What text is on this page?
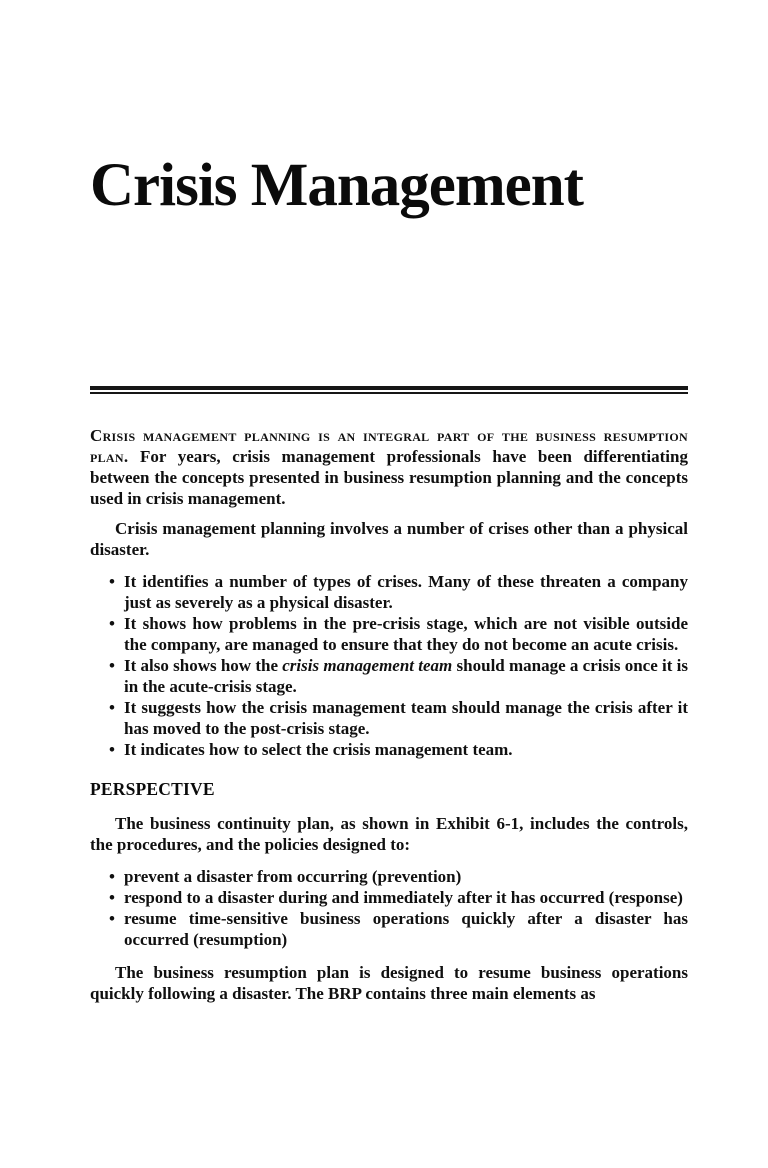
Crisis Management

Crisis management planning is an integral part of the business resumption plan. For years, crisis management professionals have been differentiating between the concepts presented in business resumption planning and the concepts used in crisis management.

Crisis management planning involves a number of crises other than a physical disaster.

• It identifies a number of types of crises. Many of these threaten a company just as severely as a physical disaster.
• It shows how problems in the pre-crisis stage, which are not visible outside the company, are managed to ensure that they do not become an acute crisis.
• It also shows how the crisis management team should manage a crisis once it is in the acute-crisis stage.
• It suggests how the crisis management team should manage the crisis after it has moved to the post-crisis stage.
• It indicates how to select the crisis management team.
PERSPECTIVE

The business continuity plan, as shown in Exhibit 6-1, includes the controls, the procedures, and the policies designed to:

• prevent a disaster from occurring (prevention)
• respond to a disaster during and immediately after it has occurred (response)
• resume time-sensitive business operations quickly after a disaster has occurred (resumption)

The business resumption plan is designed to resume business operations quickly following a disaster. The BRP contains three main elements as
